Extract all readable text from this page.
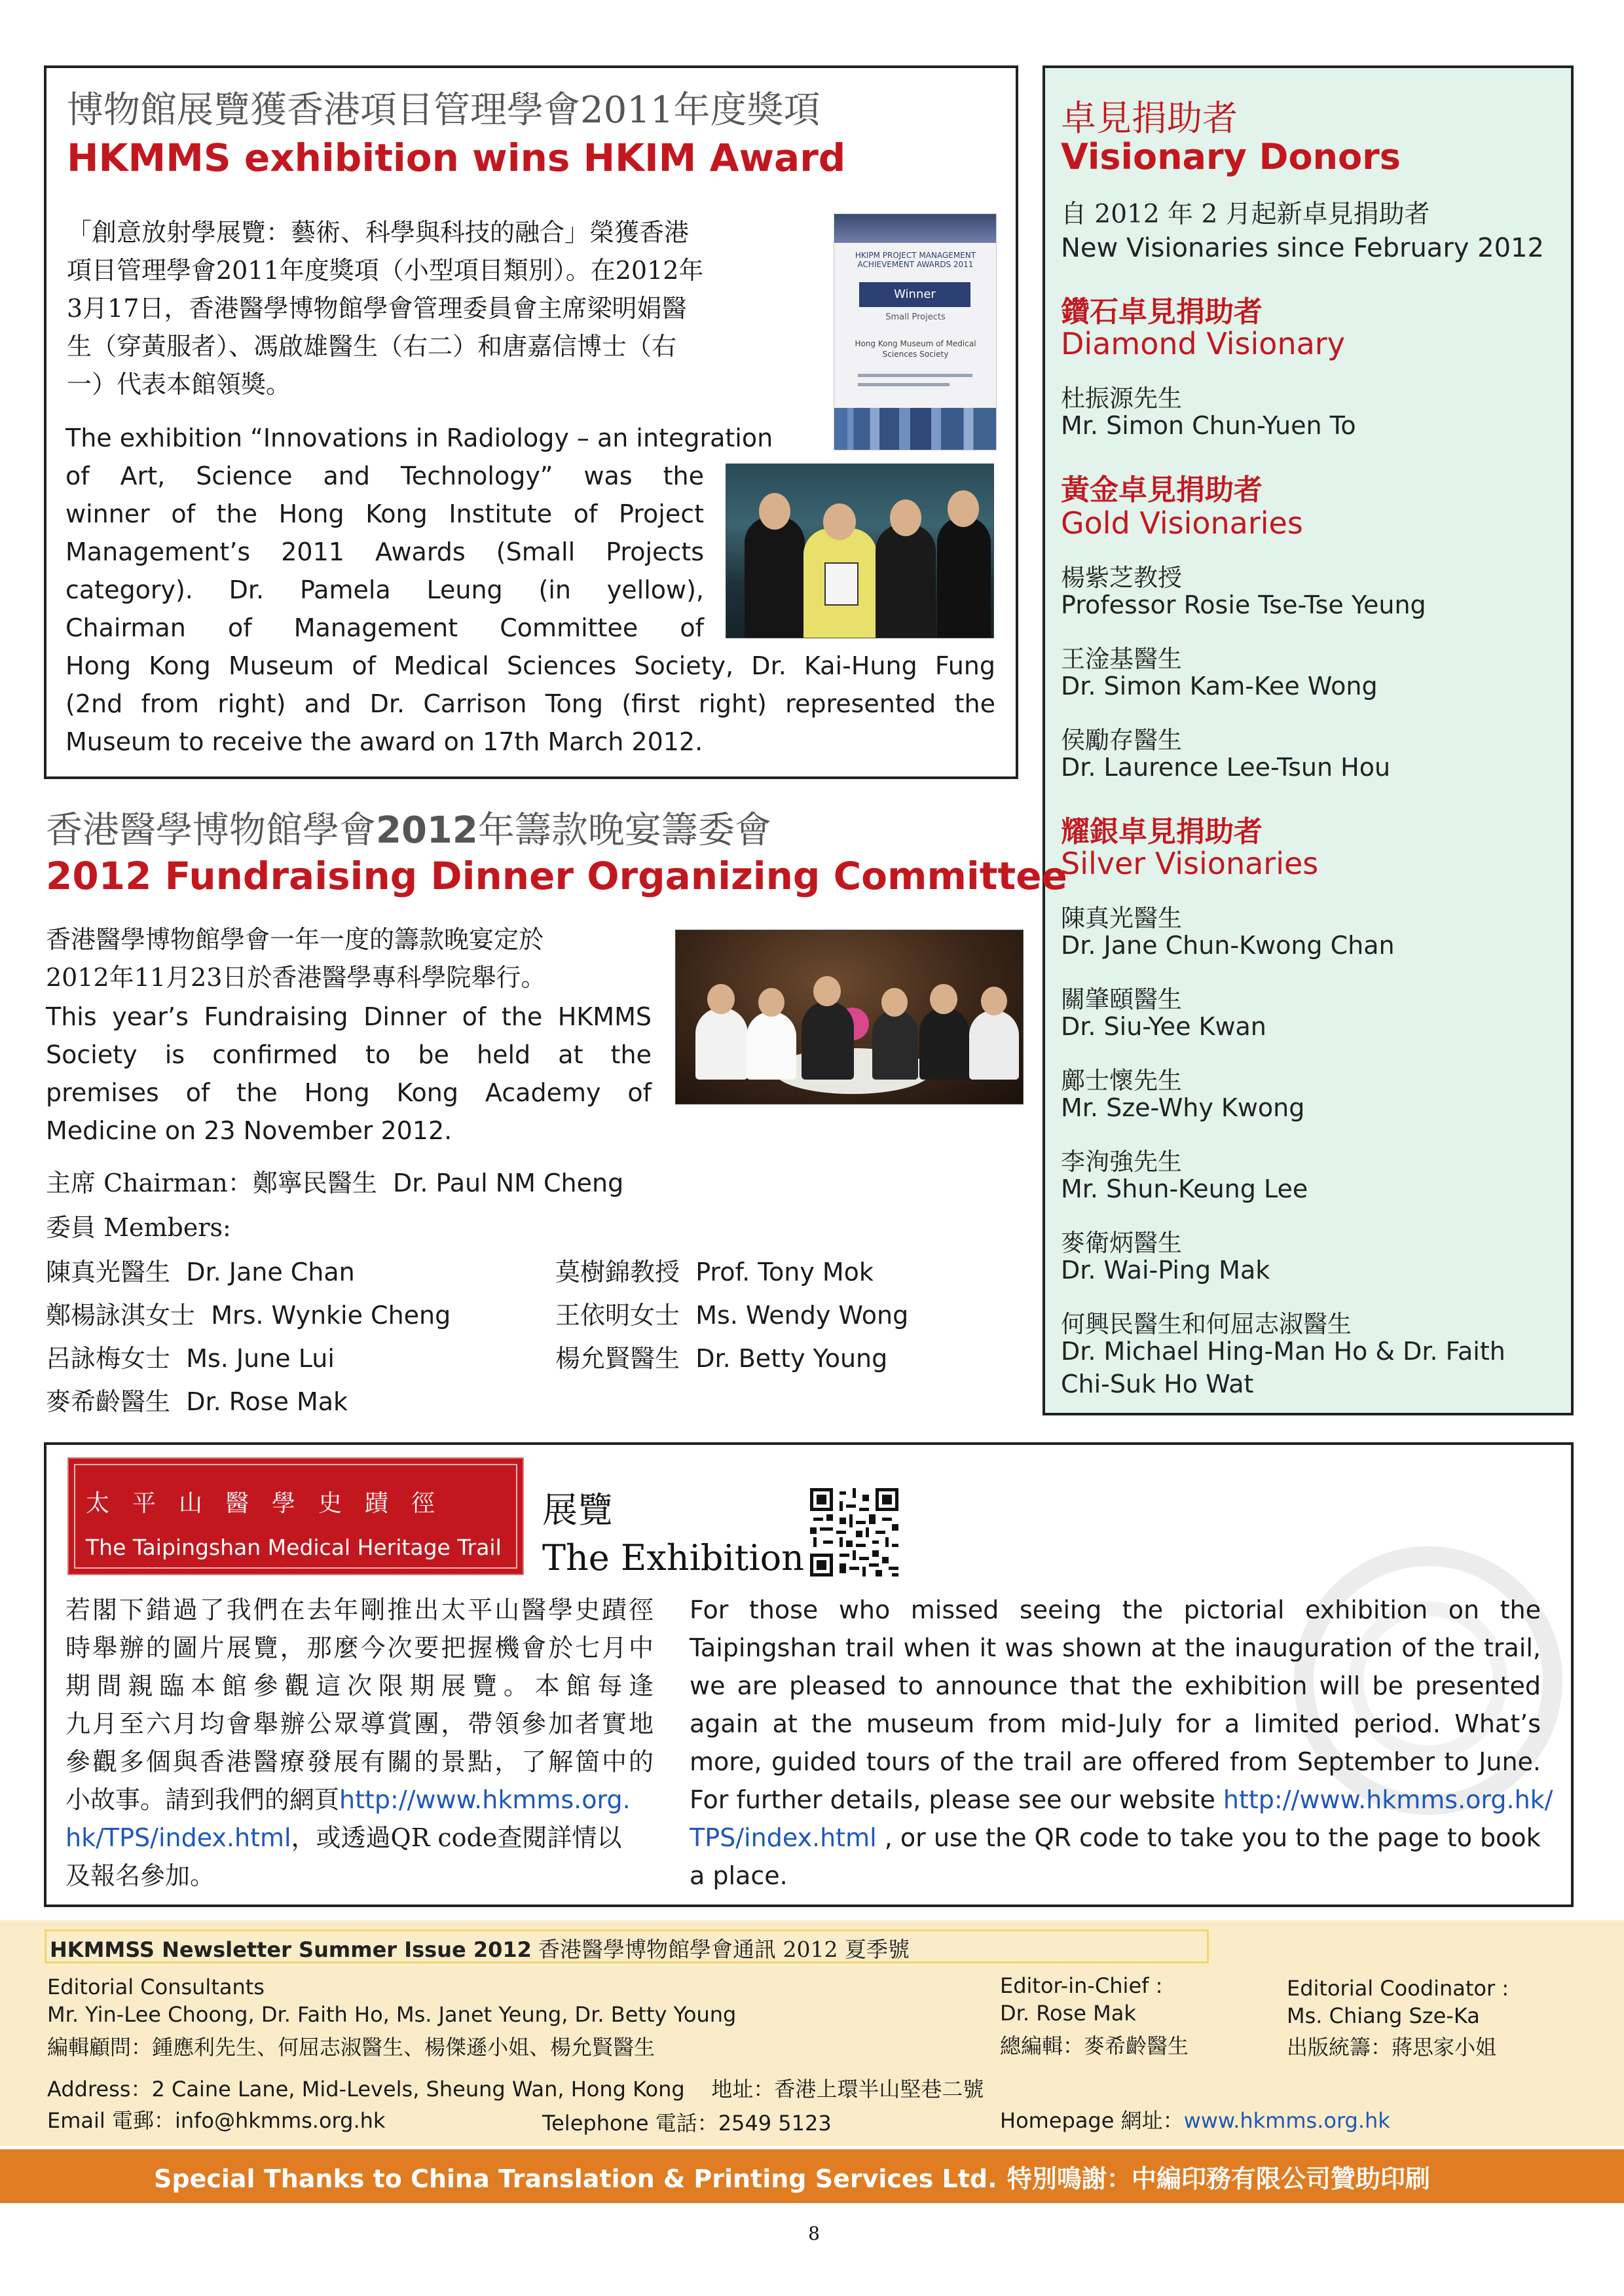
博物館展覽獲香港項目管理學會2011年度獎項
HKMMS exhibition wins HKIM Award
「創意放射學展覽：藝術、科學與科技的融合」榮獲香港
項目管理學會2011年度獎項（小型項目類別）。在2012年
3月17日，香港醫學博物館學會管理委員會主席梁明娟醫
生（穿黃服者）、馮啟雄醫生（右二）和唐嘉信博士（右
一）代表本館領獎。
The exhibition “Innovations in Radiology – an integration
of Art, Science and Technology” was the
winner of the Hong Kong Institute of Project
Management’s 2011 Awards (Small Projects
category). Dr. Pamela Leung (in yellow),
Chairman of Management Committee of
Hong Kong Museum of Medical Sciences Society, Dr. Kai-Hung Fung
(2nd from right) and Dr. Carrison Tong (first right) represented the
Museum to receive the award on 17th March 2012.
HKIPM PROJECT MANAGEMENT ACHIEVEMENT AWARDS 2011
Winner
Small Projects
Hong Kong Museum of Medical Sciences Society
卓見捐助者
Visionary Donors
自 2012 年 2 月起新卓見捐助者
New Visionaries since February 2012
鑽石卓見捐助者
Diamond Visionary
杜振源先生
Mr. Simon Chun-Yuen To
黃金卓見捐助者
Gold Visionaries
楊紫芝教授
Professor Rosie Tse-Tse Yeung
王淦基醫生
Dr. Simon Kam-Kee Wong
侯勵存醫生
Dr. Laurence Lee-Tsun Hou
耀銀卓見捐助者
Silver Visionaries
陳真光醫生
Dr. Jane Chun-Kwong Chan
關肇頤醫生
Dr. Siu-Yee Kwan
鄺士懷先生
Mr. Sze-Why Kwong
李洵強先生
Mr. Shun-Keung Lee
麥衛炳醫生
Dr. Wai-Ping Mak
何興民醫生和何屈志淑醫生
Dr. Michael Hing-Man Ho & Dr. Faith
Chi-Suk Ho Wat
香港醫學博物館學會2012年籌款晚宴籌委會
2012 Fundraising Dinner Organizing Committee
香港醫學博物館學會一年一度的籌款晚宴定於
2012年11月23日於香港醫學專科學院舉行。
This year’s Fundraising Dinner of the HKMMS
Society is confirmed to be held at the
premises of the Hong Kong Academy of
Medicine on 23 November 2012.
主席 Chairman：鄭寧民醫生 Dr. Paul NM Cheng
委員 Members:
陳真光醫生 Dr. Jane Chan
鄭楊詠淇女士 Mrs. Wynkie Cheng
呂詠梅女士 Ms. June Lui
麥希齡醫生 Dr. Rose Mak
莫樹錦教授 Prof. Tony Mok
王依明女士 Ms. Wendy Wong
楊允賢醫生 Dr. Betty Young
太平山醫學史蹟徑
The Taipingshan Medical Heritage Trail
展覽
The Exhibition
若閣下錯過了我們在去年剛推出太平山醫學史蹟徑
時舉辦的圖片展覽，那麼今次要把握機會於七月中
期間親臨本館參觀這次限期展覽。本館每逢
九月至六月均會舉辦公眾導賞團，帶領參加者實地
參觀多個與香港醫療發展有關的景點，了解箇中的
小故事。請到我們的網頁http://www.hkmms.org.
hk/TPS/index.html，或透過QR code查閱詳情以
及報名參加。
For those who missed seeing the pictorial exhibition on the
Taipingshan trail when it was shown at the inauguration of the trail,
we are pleased to announce that the exhibition will be presented
again at the museum from mid-July for a limited period. What’s
more, guided tours of the trail are offered from September to June.
For further details, please see our website http://www.hkmms.org.hk/
TPS/index.html , or use the QR code to take you to the page to book
a place.
HKMMSS Newsletter Summer Issue 2012 香港醫學博物館學會通訊 2012 夏季號
Editorial Consultants
Mr. Yin-Lee Choong, Dr. Faith Ho, Ms. Janet Yeung, Dr. Betty Young
編輯顧問：鍾應利先生、何屈志淑醫生、楊傑遜小姐、楊允賢醫生
Editor-in-Chief :
Dr. Rose Mak
總編輯：麥希齡醫生
Editorial Coodinator :
Ms. Chiang Sze-Ka
出版統籌：蔣思家小姐
Address：2 Caine Lane, Mid-Levels, Sheung Wan, Hong Kong 地址：香港上環半山堅巷二號
Email 電郵：info@hkmms.org.hk	Telephone 電話：2549 5123	Homepage 網址：www.hkmms.org.hk
Special Thanks to China Translation & Printing Services Ltd. 特別鳴謝：中編印務有限公司贊助印刷
8
